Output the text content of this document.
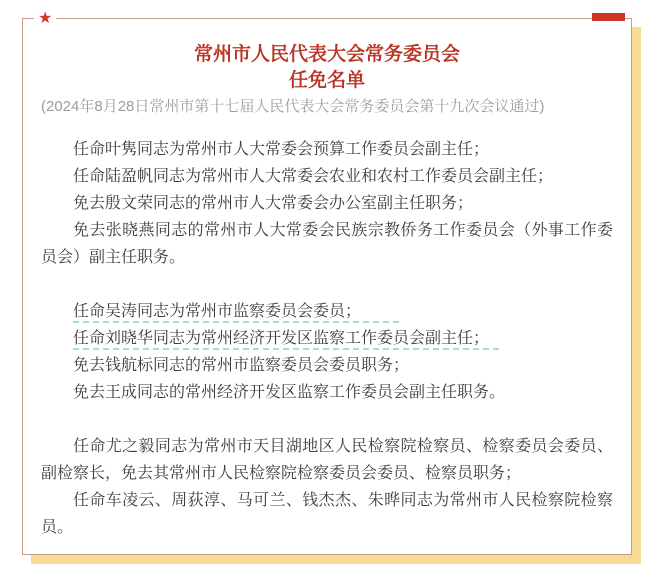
★
常州市人民代表大会常务委员会
任免名单
(2024年8月28日常州市第十七届人民代表大会常务委员会第十九次会议通过)

任命叶隽同志为常州市人大常委会预算工作委员会副主任；

任命陆盈帆同志为常州市人大常委会农业和农村工作委员会副主任；

免去殷文荣同志的常州市人大常委会办公室副主任职务；

免去张晓燕同志的常州市人大常委会民族宗教侨务工作委员会（外事工作委员会）副主任职务。

任命吴涛同志为常州市监察委员会委员；

任命刘晓华同志为常州经济开发区监察工作委员会副主任；

免去钱航标同志的常州市监察委员会委员职务；

免去王成同志的常州经济开发区监察工作委员会副主任职务。

任命尤之毅同志为常州市天目湖地区人民检察院检察员、检察委员会委员、副检察长，免去其常州市人民检察院检察委员会委员、检察员职务；

任命车凌云、周荻淳、马可兰、钱杰杰、朱晔同志为常州市人民检察院检察员。
